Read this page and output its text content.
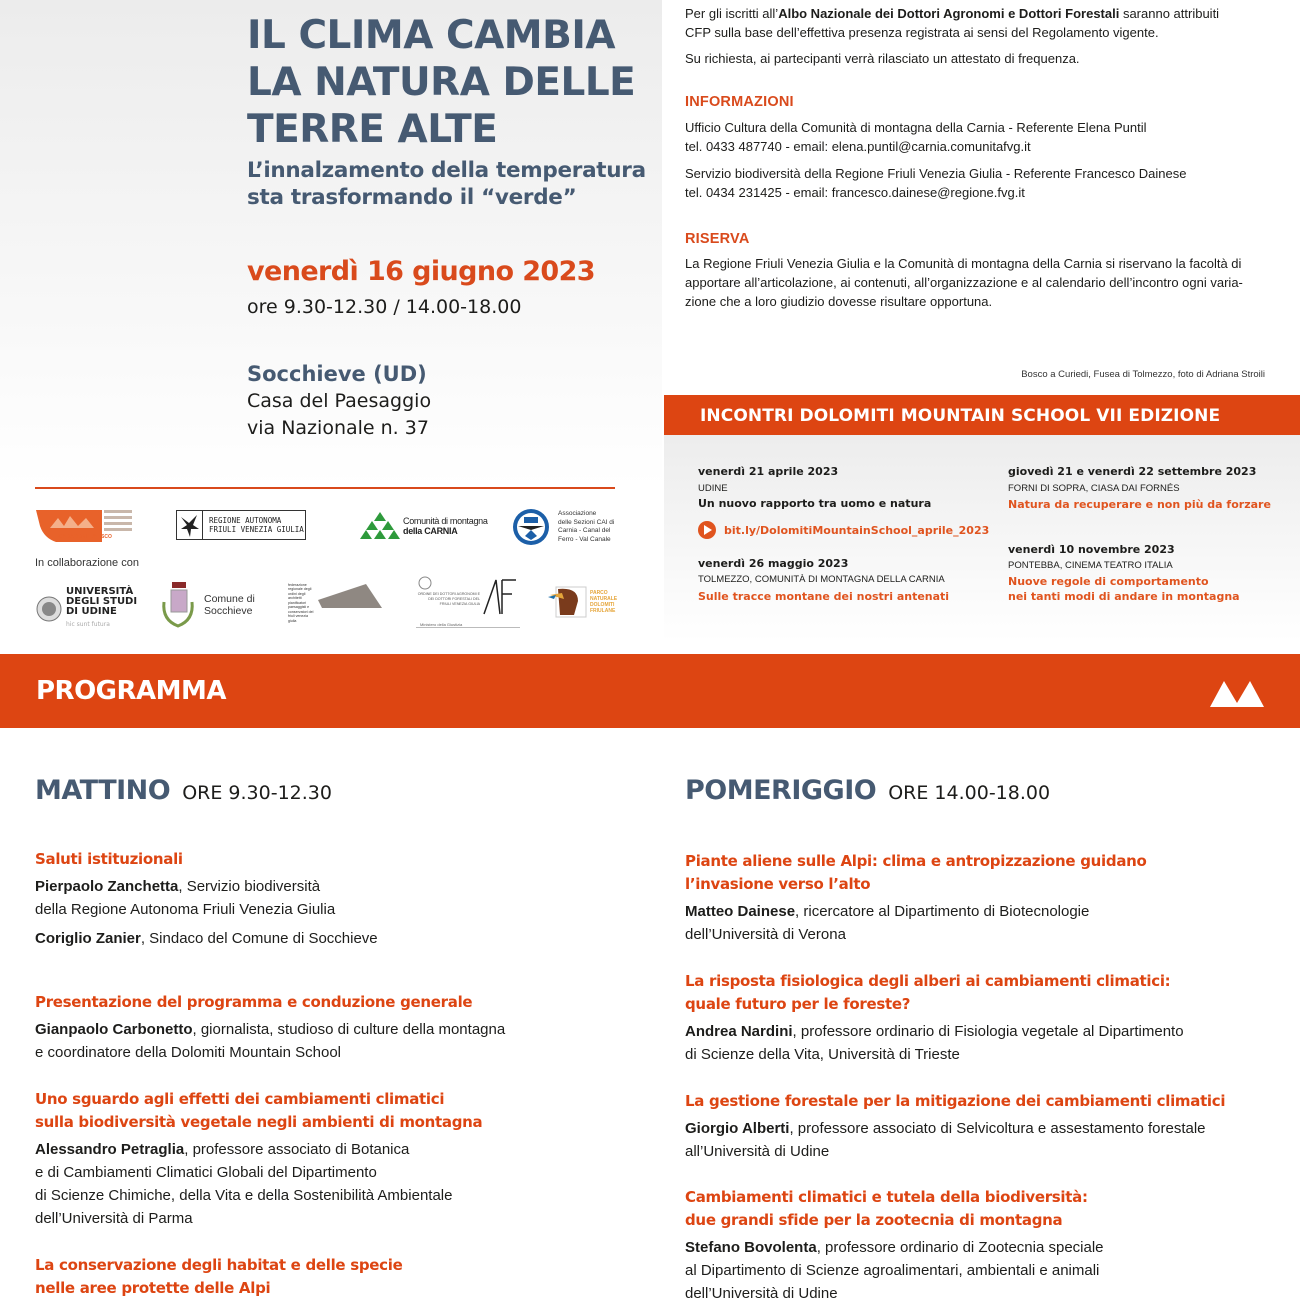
IL CLIMA CAMBIA
LA NATURA DELLE
TERRE ALTE
L’innalzamento della temperatura
sta trasformando il “verde”
venerdì 16 giugno 2023
ore 9.30-12.30 / 14.00-18.00
Socchieve (UD)
Casa del Paesaggio
via Nazionale n. 37
FONDAZIONE UNESCO
REGIONE AUTONOMA
FRIULI VENEZIA GIULIA
Comunità di montagna
della CARNIA
Associazione
delle Sezioni CAI di
Carnia - Canal del
Ferro - Val Canale
In collaborazione con
UNIVERSITÀ
DEGLI STUDI
DI UDINE
hic sunt futura
Comune di
Socchieve
federazione regionale degli ordini degli architetti pianificatori paesaggisti e conservatori del friuli venezia giulia
ORDINE DEI DOTTORI AGRONOMI E DEI DOTTORI FORESTALI DEL FRIULI VENEZIA GIULIA
Ministero della Giustizia
PARCO
NATURALE
DOLOMITI
FRIULANE
Per gli iscritti all’Albo Nazionale dei Dottori Agronomi e Dottori Forestali saranno attribuiti
CFP sulla base dell’effettiva presenza registrata ai sensi del Regolamento vigente.
Su richiesta, ai partecipanti verrà rilasciato un attestato di frequenza.
INFORMAZIONI
Ufficio Cultura della Comunità di montagna della Carnia - Referente Elena Puntil
tel. 0433 487740 - email: elena.puntil@carnia.comunitafvg.it
Servizio biodiversità della Regione Friuli Venezia Giulia - Referente Francesco Dainese
tel. 0434 231425 - email: francesco.dainese@regione.fvg.it
RISERVA
La Regione Friuli Venezia Giulia e la Comunità di montagna della Carnia si riservano la facoltà di
apportare all’articolazione, ai contenuti, all’organizzazione e al calendario dell’incontro ogni varia-
zione che a loro giudizio dovesse risultare opportuna.
Bosco a Curiedi, Fusea di Tolmezzo, foto di Adriana Stroili
INCONTRI DOLOMITI MOUNTAIN SCHOOL VII EDIZIONE
venerdì 21 aprile 2023
UDINE
Un nuovo rapporto tra uomo e natura
bit.ly/DolomitiMountainSchool_aprile_2023
venerdì 26 maggio 2023
TOLMEZZO, COMUNITÀ DI MONTAGNA DELLA CARNIA
Sulle tracce montane dei nostri antenati
giovedì 21 e venerdì 22 settembre 2023
FORNI DI SOPRA, CIASA DAI FORNÉS
Natura da recuperare e non più da forzare
venerdì 10 novembre 2023
PONTEBBA, CINEMA TEATRO ITALIA
Nuove regole di comportamento
nei tanti modi di andare in montagna
PROGRAMMA
MATTINO ORE 9.30-12.30	POMERIGGIO ORE 14.00-18.00
Saluti istituzionali
Pierpaolo Zanchetta, Servizio biodiversità
della Regione Autonoma Friuli Venezia Giulia
Coriglio Zanier, Sindaco del Comune di Socchieve
Presentazione del programma e conduzione generale
Gianpaolo Carbonetto, giornalista, studioso di culture della montagna
e coordinatore della Dolomiti Mountain School
Uno sguardo agli effetti dei cambiamenti climatici
sulla biodiversità vegetale negli ambienti di montagna
Alessandro Petraglia, professore associato di Botanica
e di Cambiamenti Climatici Globali del Dipartimento
di Scienze Chimiche, della Vita e della Sostenibilità Ambientale
dell’Università di Parma
La conservazione degli habitat e delle specie
nelle aree protette delle Alpi
Piante aliene sulle Alpi: clima e antropizzazione guidano
l’invasione verso l’alto
Matteo Dainese, ricercatore al Dipartimento di Biotecnologie
dell’Università di Verona
La risposta fisiologica degli alberi ai cambiamenti climatici:
quale futuro per le foreste?
Andrea Nardini, professore ordinario di Fisiologia vegetale al Dipartimento
di Scienze della Vita, Università di Trieste
La gestione forestale per la mitigazione dei cambiamenti climatici
Giorgio Alberti, professore associato di Selvicoltura e assestamento forestale
all’Università di Udine
Cambiamenti climatici e tutela della biodiversità:
due grandi sfide per la zootecnia di montagna
Stefano Bovolenta, professore ordinario di Zootecnia speciale
al Dipartimento di Scienze agroalimentari, ambientali e animali
dell’Università di Udine
